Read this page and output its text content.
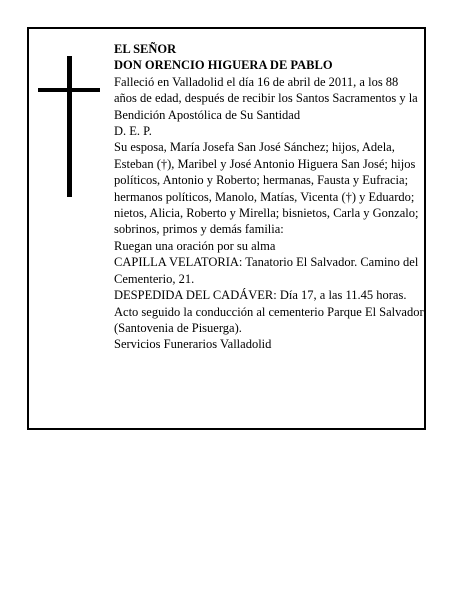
EL SEÑOR

DON ORENCIO HIGUERA DE PABLO

Falleció en Valladolid el día 16 de abril de 2011, a los 88 años de edad, después de recibir los Santos Sacramentos y la Bendición Apostólica de Su Santidad

D. E. P.

Su esposa, María Josefa San José Sánchez; hijos, Adela, Esteban (†), Maribel y José Antonio Higuera San José; hijos políticos, Antonio y Roberto; hermanas, Fausta y Eufracia; hermanos políticos, Manolo, Matías, Vicenta (†) y Eduardo; nietos, Alicia, Roberto y Mirella; bisnietos, Carla y Gonzalo; sobrinos, primos y demás familia:

Ruegan una oración por su alma

CAPILLA VELATORIA: Tanatorio El Salvador. Camino del Cementerio, 21.

DESPEDIDA DEL CADÁVER: Día 17, a las 11.45 horas. Acto seguido la conducción al cementerio Parque El Salvador (Santovenia de Pisuerga).

Servicios Funerarios Valladolid
